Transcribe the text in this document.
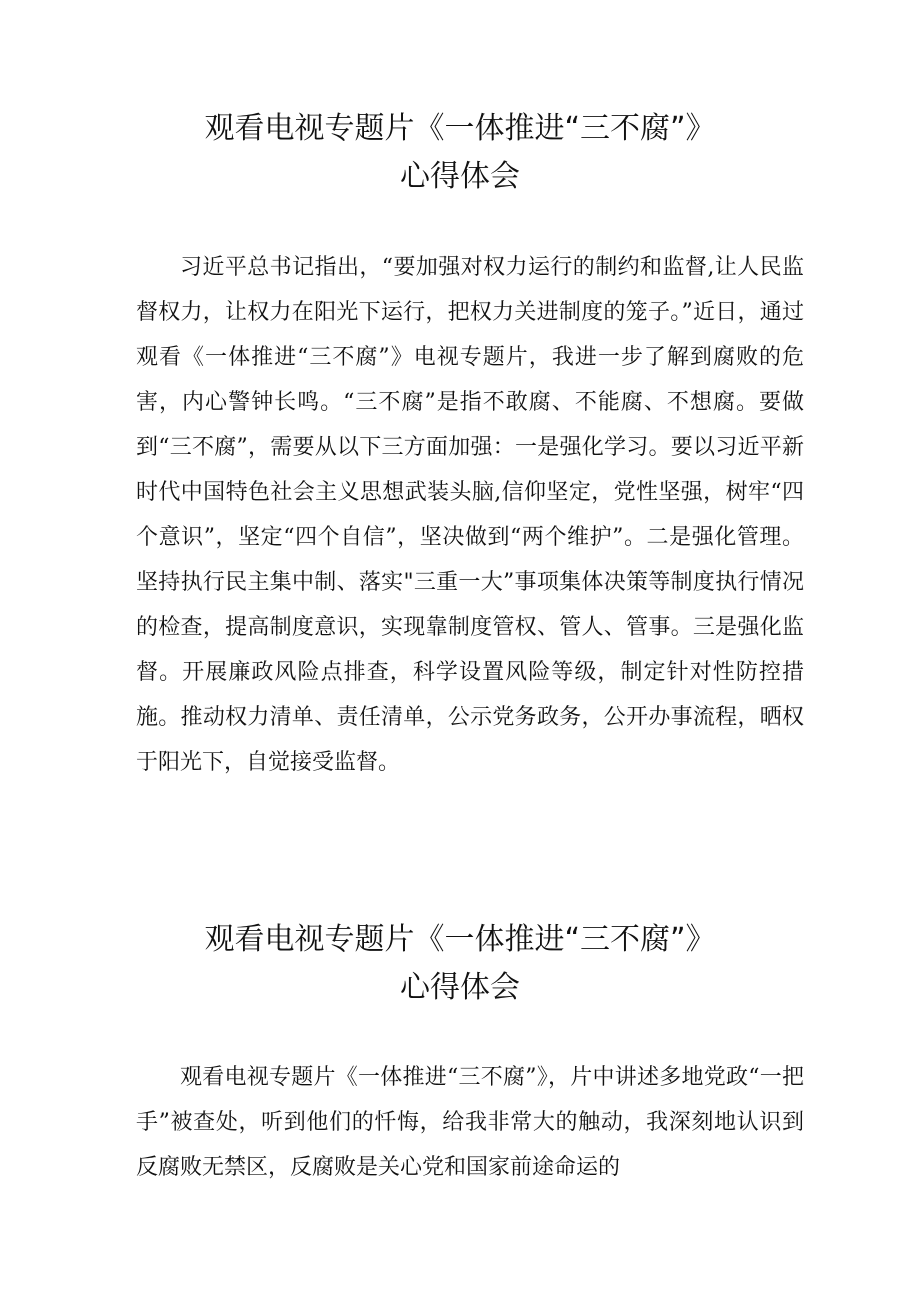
观看电视专题片《一体推进“三不腐”》
心得体会

习近平总书记指出，“要加强对权力运行的制约和监督,让人民监督权力，让权力在阳光下运行，把权力关进制度的笼子。”近日，通过观看《一体推进“三不腐”》电视专题片，我进一步了解到腐败的危害，内心警钟长鸣。“三不腐”是指不敢腐、不能腐、不想腐。要做到“三不腐”，需要从以下三方面加强：一是强化学习。要以习近平新时代中国特色社会主义思想武装头脑,信仰坚定，党性坚强，树牢“四个意识”，坚定“四个自信”，坚决做到“两个维护”。二是强化管理。坚持执行民主集中制、落实"三重一大”事项集体决策等制度执行情况的检查，提高制度意识，实现靠制度管权、管人、管事。三是强化监督。开展廉政风险点排查，科学设置风险等级，制定针对性防控措施。推动权力清单、责任清单，公示党务政务，公开办事流程，晒权于阳光下，自觉接受监督。

观看电视专题片《一体推进“三不腐”》
心得体会

观看电视专题片《一体推进“三不腐”》，片中讲述多地党政“一把手”被查处，听到他们的忏悔，给我非常大的触动，我深刻地认识到反腐败无禁区，反腐败是关心党和国家前途命运的
